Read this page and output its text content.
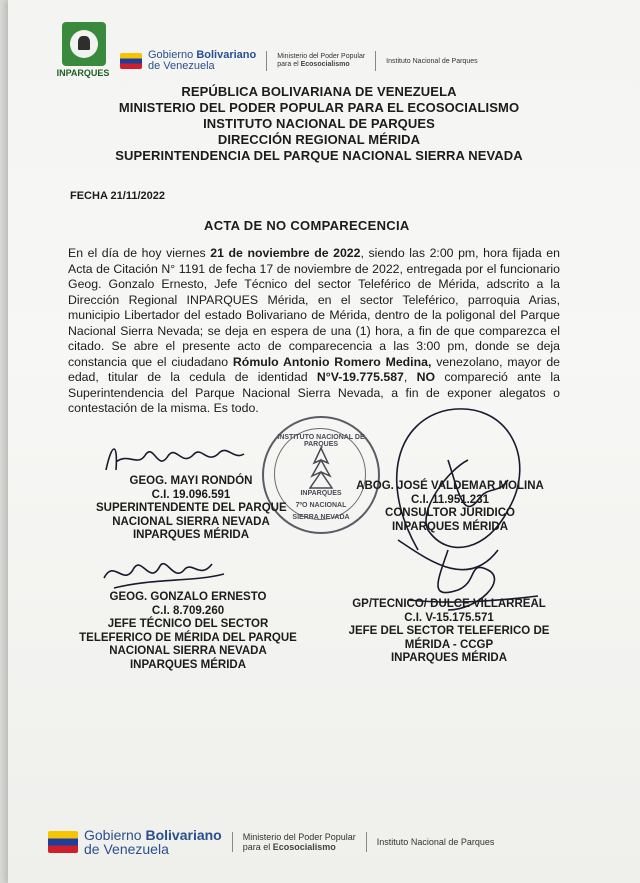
INPARQUES
Gobierno Bolivariano
de Venezuela
Ministerio del Poder Popular
para el Ecosocialismo	Instituto Nacional de Parques
REPÚBLICA BOLIVARIANA DE VENEZUELA
MINISTERIO DEL PODER POPULAR PARA EL ECOSOCIALISMO
INSTITUTO NACIONAL DE PARQUES
DIRECCIÓN REGIONAL MÉRIDA
SUPERINTENDENCIA DEL PARQUE NACIONAL SIERRA NEVADA
FECHA 21/11/2022
ACTA DE NO COMPARECENCIA
En el día de hoy viernes 21 de noviembre de 2022, siendo las 2:00 pm, hora fijada en Acta de Citación N° 1191 de fecha 17 de noviembre de 2022, entregada por el funcionario Geog. Gonzalo Ernesto, Jefe Técnico del sector Teleférico de Mérida, adscrito a la Dirección Regional INPARQUES Mérida, en el sector Teleférico, parroquia Arias, municipio Libertador del estado Bolivariano de Mérida, dentro de la poligonal del Parque Nacional Sierra Nevada; se deja en espera de una (1) hora, a fin de que comparezca el citado. Se abre el presente acto de comparecencia a las 3:00 pm, donde se deja constancia que el ciudadano Rómulo Antonio Romero Medina, venezolano, mayor de edad, titular de la cedula de identidad N°V-19.775.587, NO compareció ante la Superintendencia del Parque Nacional Sierra Nevada, a fin de exponer alegatos o contestación de la misma. Es todo.
INSTITUTO NACIONAL DE PARQUES
INPARQUES
7ºO NACIONAL
SIERRA NEVADA
GEOG. MAYI RONDÓN
C.I. 19.096.591
SUPERINTENDENTE DEL PARQUE
NACIONAL SIERRA NEVADA
INPARQUES MÉRIDA
ABOG. JOSÉ VALDEMAR MOLINA
C.I. 11.951.231
CONSULTOR JURIDICO
INPARQUES MÉRIDA
GEOG. GONZALO ERNESTO
C.I. 8.709.260
JEFE TÉCNICO DEL SECTOR
TELEFERICO DE MÉRIDA DEL PARQUE
NACIONAL SIERRA NEVADA
INPARQUES MÉRIDA
GP/TECNICO/ DULCE VILLARREAL
C.I. V-15.175.571
JEFE DEL SECTOR TELEFERICO DE
MÉRIDA - CCGP
INPARQUES MÉRIDA
Gobierno Bolivariano
de Venezuela
Ministerio del Poder Popular
para el Ecosocialismo	Instituto Nacional de Parques
